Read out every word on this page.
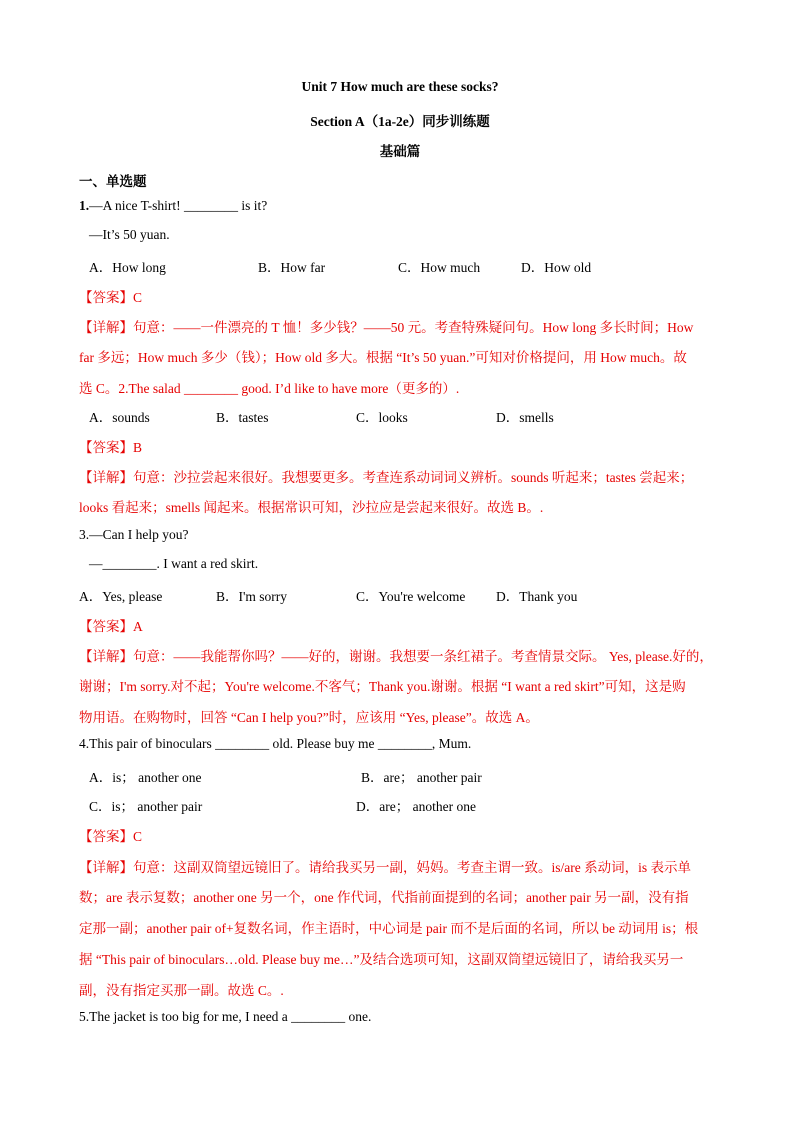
Unit 7 How much are these socks?
Section A（1a-2e）同步训练题
基础篇
一、单选题
1.—A nice T-shirt! ________ is it?
—It’s 50 yuan.
A．How long	B．How far	C．How much	D．How old
【答案】C
【详解】句意：——一件漂亮的 T 恤！多少钱？——50 元。考查特殊疑问句。How long 多长时间；How
far 多远；How much 多少（钱）；How old 多大。根据 “It’s 50 yuan.”可知对价格提问，用 How much。故
选 C。2.The salad ________ good. I’d like to have more（更多的）.
A．sounds	B．tastes	C．looks	D．smells
【答案】B
【详解】句意：沙拉尝起来很好。我想要更多。考查连系动词词义辨析。sounds 听起来；tastes 尝起来；
looks 看起来；smells 闻起来。根据常识可知，沙拉应是尝起来很好。故选 B。.
3.—Can I help you?
—________. I want a red skirt.
A．Yes, please	B．I'm sorry	C．You're welcome D．Thank you
【答案】A
【详解】句意：——我能帮你吗？——好的，谢谢。我想要一条红裙子。考查情景交际。 Yes, please.好的，
谢谢；I'm sorry.对不起；You're welcome.不客气；Thank you.谢谢。根据 “I want a red skirt”可知，这是购
物用语。在购物时，回答 “Can I help you?”时，应该用 “Yes, please”。故选 A。
4.This pair of binoculars ________ old. Please buy me ________, Mum.
A．is； another one	B．are； another pair
C．is； another pair	D．are； another one
【答案】C
【详解】句意：这副双筒望远镜旧了。请给我买另一副，妈妈。考查主谓一致。is/are 系动词，is 表示单
数；are 表示复数；another one 另一个，one 作代词，代指前面提到的名词；another pair 另一副，没有指
定那一副；another pair of+复数名词，作主语时，中心词是 pair 而不是后面的名词，所以 be 动词用 is；根
据 “This pair of binoculars…old. Please buy me…”及结合选项可知，这副双筒望远镜旧了，请给我买另一
副，没有指定买那一副。故选 C。.
5.The jacket is too big for me, I need a ________ one.
